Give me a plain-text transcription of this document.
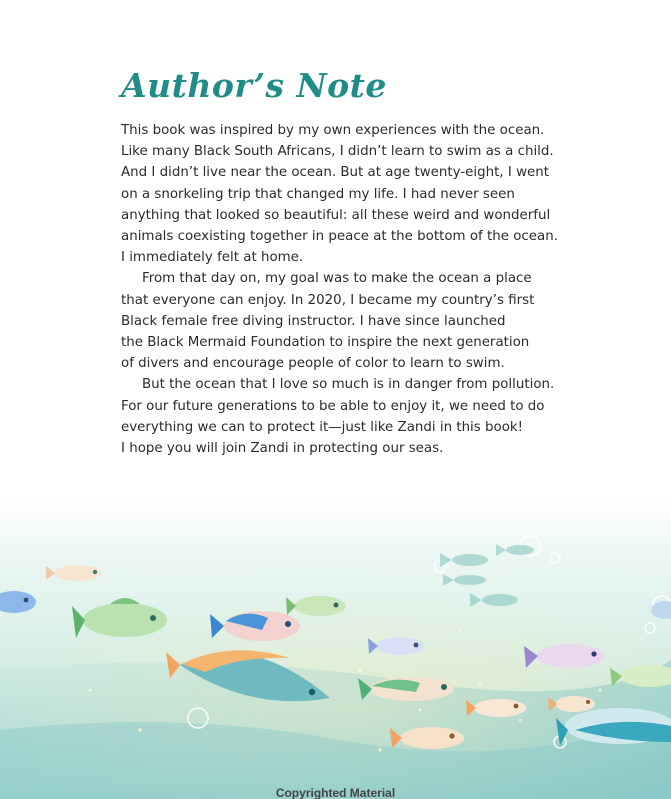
Author’s Note
This book was inspired by my own experiences with the ocean.
Like many Black South Africans, I didn’t learn to swim as a child.
And I didn’t live near the ocean. But at age twenty-eight, I went
on a snorkeling trip that changed my life. I had never seen
anything that looked so beautiful: all these weird and wonderful
animals coexisting together in peace at the bottom of the ocean.
I immediately felt at home.
From that day on, my goal was to make the ocean a place
that everyone can enjoy. In 2020, I became my country’s first
Black female free diving instructor. I have since launched
the Black Mermaid Foundation to inspire the next generation
of divers and encourage people of color to learn to swim.
But the ocean that I love so much is in danger from pollution.
For our future generations to be able to enjoy it, we need to do
everything we can to protect it—just like Zandi in this book!
I hope you will join Zandi in protecting our seas.
Copyrighted Material
